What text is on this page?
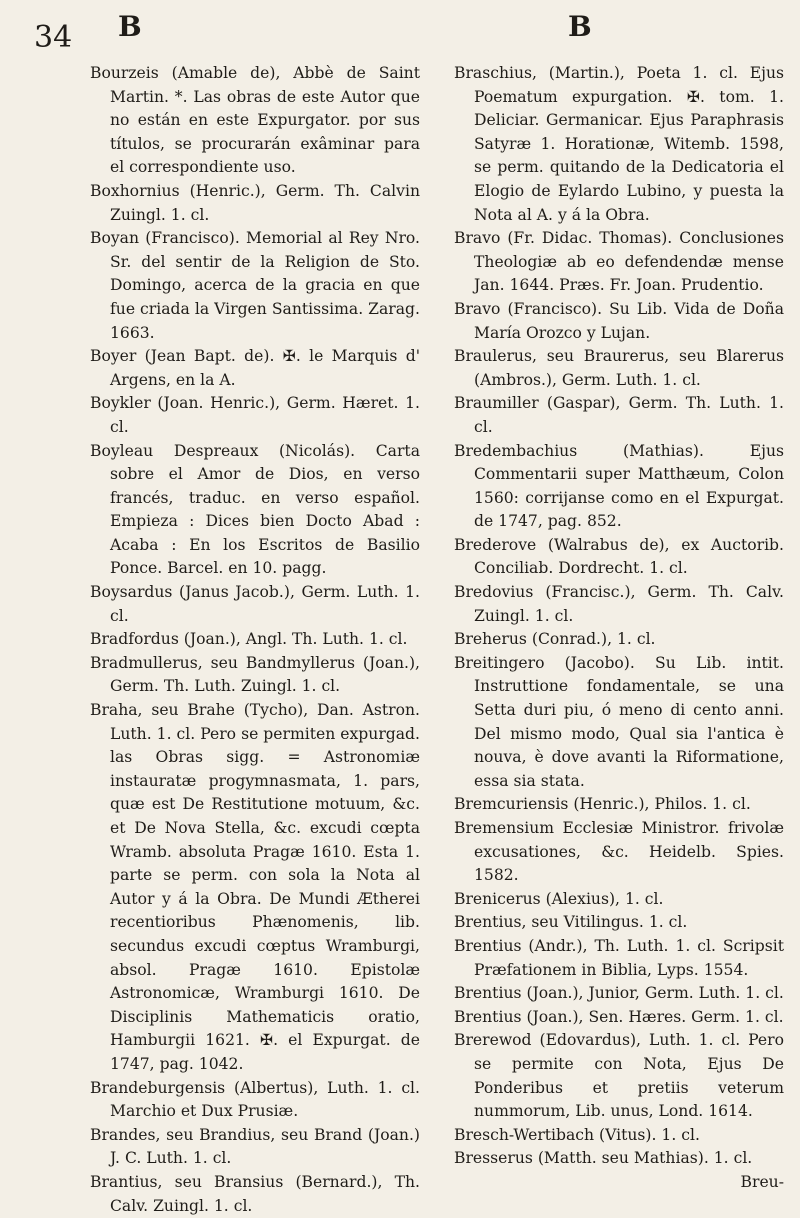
34 B	B

Bourzeis (Amable de), Abbè de Saint Martin. *. Las obras de este Autor que no están en este Expurgator. por sus títulos, se procurarán exâminar para el correspondiente uso.

Boxhornius (Henric.), Germ. Th. Calvin Zuingl. 1. cl.

Boyan (Francisco). Memorial al Rey Nro. Sr. del sentir de la Religion de Sto. Domingo, acerca de la gracia en que fue criada la Virgen Santissima. Zarag. 1663.

Boyer (Jean Bapt. de). ✠. le Marquis d' Argens, en la A.

Boykler (Joan. Henric.), Germ. Hæret. 1. cl.

Boyleau Despreaux (Nicolás). Carta sobre el Amor de Dios, en verso francés, traduc. en verso español. Empieza : Dices bien Docto Abad : Acaba : En los Escritos de Basilio Ponce. Barcel. en 10. pagg.

Boysardus (Janus Jacob.), Germ. Luth. 1. cl.

Bradfordus (Joan.), Angl. Th. Luth. 1. cl.

Bradmullerus, seu Bandmyllerus (Joan.), Germ. Th. Luth. Zuingl. 1. cl.

Braha, seu Brahe (Tycho), Dan. Astron. Luth. 1. cl. Pero se permiten expurgad. las Obras sigg. = Astronomiæ instauratæ progymnasmata, 1. pars, quæ est De Restitutione motuum, &c. et De Nova Stella, &c. excudi cœpta Wramb. absoluta Pragæ 1610. Esta 1. parte se perm. con sola la Nota al Autor y á la Obra. De Mundi Ætherei recentioribus Phænomenis, lib. secundus excudi cœptus Wramburgi, absol. Pragæ 1610. Epistolæ Astronomicæ, Wramburgi 1610. De Disciplinis Mathematicis oratio, Hamburgii 1621. ✠. el Expurgat. de 1747, pag. 1042.

Brandeburgensis (Albertus), Luth. 1. cl. Marchio et Dux Prusiæ.

Brandes, seu Brandius, seu Brand (Joan.) J. C. Luth. 1. cl.

Brantius, seu Bransius (Bernard.), Th. Calv. Zuingl. 1. cl.

Braschius, (Martin.), Poeta 1. cl. Ejus Poematum expurgation. ✠. tom. 1. Deliciar. Germanicar. Ejus Paraphrasis Satyræ 1. Horationæ, Witemb. 1598, se perm. quitando de la Dedicatoria el Elogio de Eylardo Lubino, y puesta la Nota al A. y á la Obra.

Bravo (Fr. Didac. Thomas). Conclusiones Theologiæ ab eo defendendæ mense Jan. 1644. Præs. Fr. Joan. Prudentio.

Bravo (Francisco). Su Lib. Vida de Doña María Orozco y Lujan.

Braulerus, seu Braurerus, seu Blarerus (Ambros.), Germ. Luth. 1. cl.

Braumiller (Gaspar), Germ. Th. Luth. 1. cl.

Bredembachius (Mathias). Ejus Commentarii super Matthæum, Colon 1560: corrijanse como en el Expurgat. de 1747, pag. 852.

Brederove (Walrabus de), ex Auctorib. Conciliab. Dordrecht. 1. cl.

Bredovius (Francisc.), Germ. Th. Calv. Zuingl. 1. cl.

Breherus (Conrad.), 1. cl.

Breitingero (Jacobo). Su Lib. intit. Instruttione fondamentale, se una Setta duri piu, ó meno di cento anni. Del mismo modo, Qual sia l'antica è nouva, è dove avanti la Riformatione, essa sia stata.

Bremcuriensis (Henric.), Philos. 1. cl.

Bremensium Ecclesiæ Ministror. frivolæ excusationes, &c. Heidelb. Spies. 1582.

Brenicerus (Alexius), 1. cl.

Brentius, seu Vitilingus. 1. cl.

Brentius (Andr.), Th. Luth. 1. cl. Scripsit Præfationem in Biblia, Lyps. 1554.

Brentius (Joan.), Junior, Germ. Luth. 1. cl.

Brentius (Joan.), Sen. Hæres. Germ. 1. cl.

Brerewod (Edovardus), Luth. 1. cl. Pero se permite con Nota, Ejus De Ponderibus et pretiis veterum nummorum, Lib. unus, Lond. 1614.

Bresch-Wertibach (Vitus). 1. cl.

Bresserus (Matth. seu Mathias). 1. cl.

Breu-
